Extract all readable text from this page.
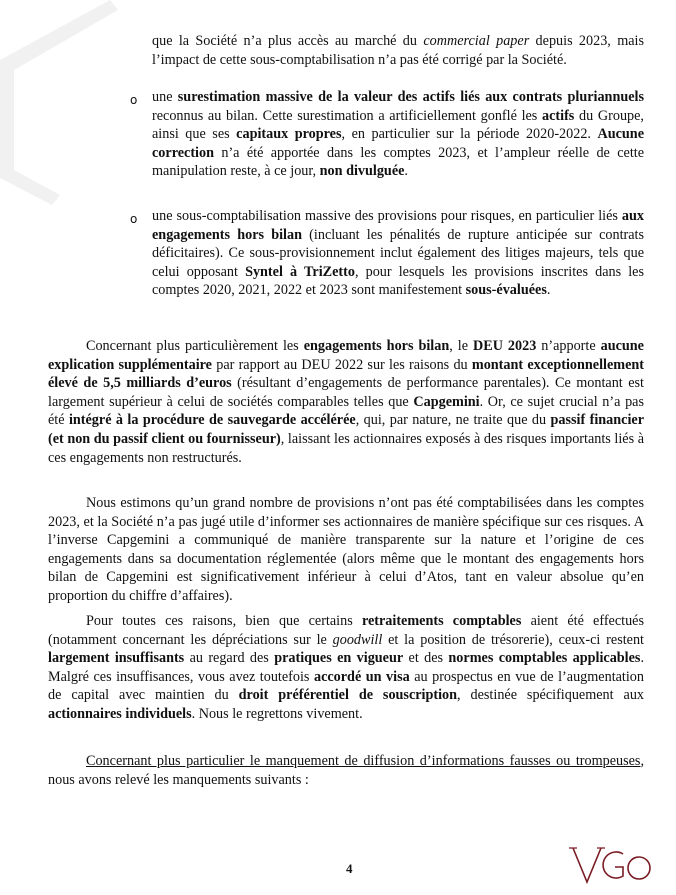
que la Société n’a plus accès au marché du commercial paper depuis 2023, mais l’impact de cette sous-comptabilisation n’a pas été corrigé par la Société.
o une surestimation massive de la valeur des actifs liés aux contrats pluriannuels reconnus au bilan. Cette surestimation a artificiellement gonflé les actifs du Groupe, ainsi que ses capitaux propres, en particulier sur la période 2020-2022. Aucune correction n’a été apportée dans les comptes 2023, et l’ampleur réelle de cette manipulation reste, à ce jour, non divulguée.
o une sous-comptabilisation massive des provisions pour risques, en particulier liés aux engagements hors bilan (incluant les pénalités de rupture anticipée sur contrats déficitaires). Ce sous-provisionnement inclut également des litiges majeurs, tels que celui opposant Syntel à TriZetto, pour lesquels les provisions inscrites dans les comptes 2020, 2021, 2022 et 2023 sont manifestement sous-évaluées.
Concernant plus particulièrement les engagements hors bilan, le DEU 2023 n’apporte aucune explication supplémentaire par rapport au DEU 2022 sur les raisons du montant exceptionnellement élevé de 5,5 milliards d’euros (résultant d’engagements de performance parentales). Ce montant est largement supérieur à celui de sociétés comparables telles que Capgemini. Or, ce sujet crucial n’a pas été intégré à la procédure de sauvegarde accélérée, qui, par nature, ne traite que du passif financier (et non du passif client ou fournisseur), laissant les actionnaires exposés à des risques importants liés à ces engagements non restructurés.
Nous estimons qu’un grand nombre de provisions n’ont pas été comptabilisées dans les comptes 2023, et la Société n’a pas jugé utile d’informer ses actionnaires de manière spécifique sur ces risques. A l’inverse Capgemini a communiqué de manière transparente sur la nature et l’origine de ces engagements dans sa documentation réglementée (alors même que le montant des engagements hors bilan de Capgemini est significativement inférieur à celui d’Atos, tant en valeur absolue qu’en proportion du chiffre d’affaires).
Pour toutes ces raisons, bien que certains retraitements comptables aient été effectués (notamment concernant les dépréciations sur le goodwill et la position de trésorerie), ceux-ci restent largement insuffisants au regard des pratiques en vigueur et des normes comptables applicables. Malgré ces insuffisances, vous avez toutefois accordé un visa au prospectus en vue de l’augmentation de capital avec maintien du droit préférentiel de souscription, destinée spécifiquement aux actionnaires individuels. Nous le regrettons vivement.
Concernant plus particulier le manquement de diffusion d’informations fausses ou trompeuses, nous avons relevé les manquements suivants :
4
